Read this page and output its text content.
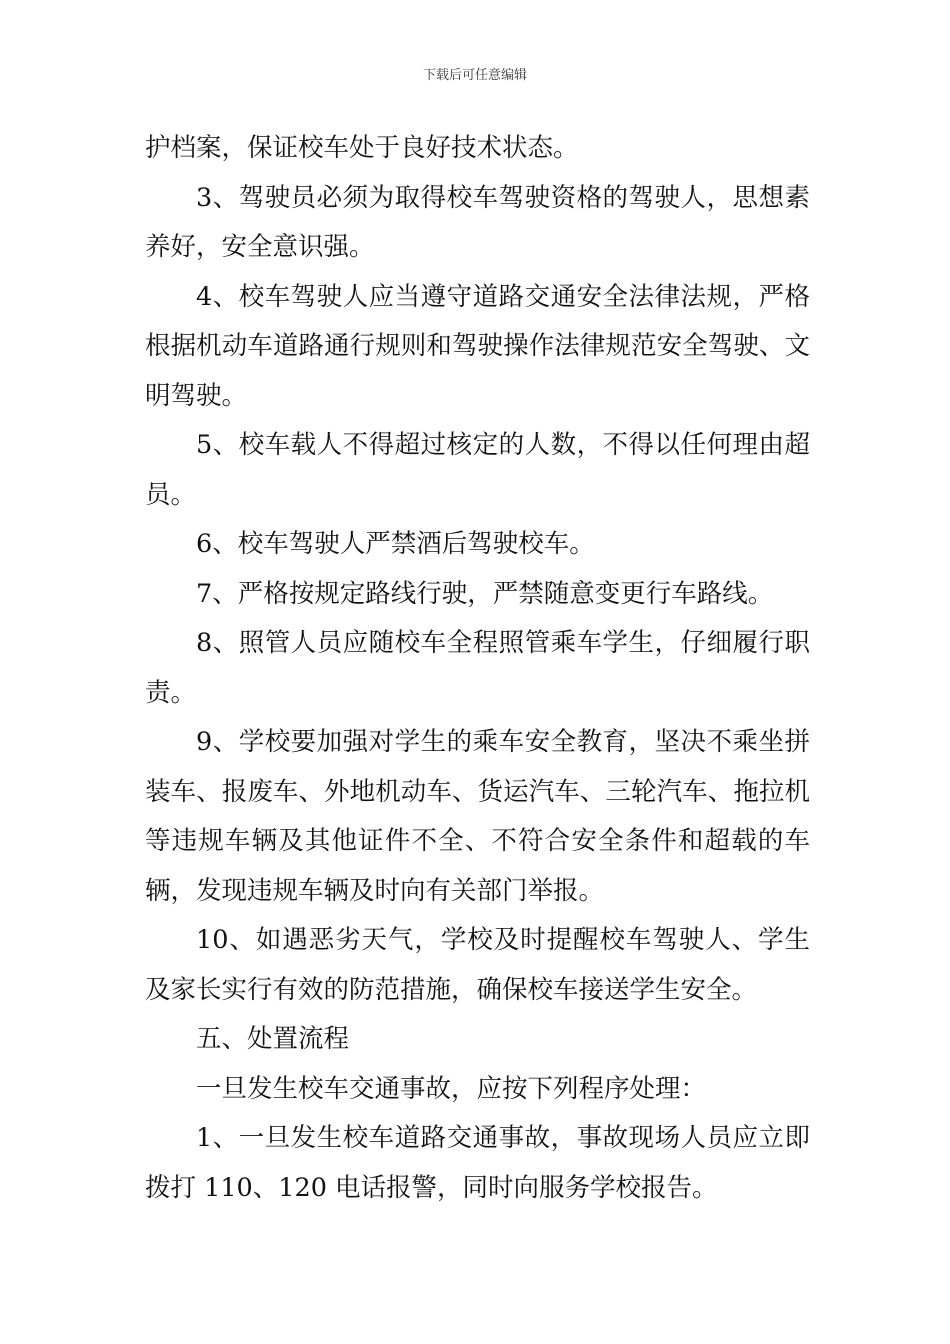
下载后可任意编辑

护档案，保证校车处于良好技术状态。

3、驾驶员必须为取得校车驾驶资格的驾驶人，思想素养好，安全意识强。

4、校车驾驶人应当遵守道路交通安全法律法规，严格根据机动车道路通行规则和驾驶操作法律规范安全驾驶、文明驾驶。

5、校车载人不得超过核定的人数，不得以任何理由超员。

6、校车驾驶人严禁酒后驾驶校车。

7、严格按规定路线行驶，严禁随意变更行车路线。

8、照管人员应随校车全程照管乘车学生，仔细履行职责。

9、学校要加强对学生的乘车安全教育，坚决不乘坐拼装车、报废车、外地机动车、货运汽车、三轮汽车、拖拉机等违规车辆及其他证件不全、不符合安全条件和超载的车辆，发现违规车辆及时向有关部门举报。

10、如遇恶劣天气，学校及时提醒校车驾驶人、学生及家长实行有效的防范措施，确保校车接送学生安全。

五、处置流程

一旦发生校车交通事故，应按下列程序处理：

1、一旦发生校车道路交通事故，事故现场人员应立即拨打 110、120 电话报警，同时向服务学校报告。
